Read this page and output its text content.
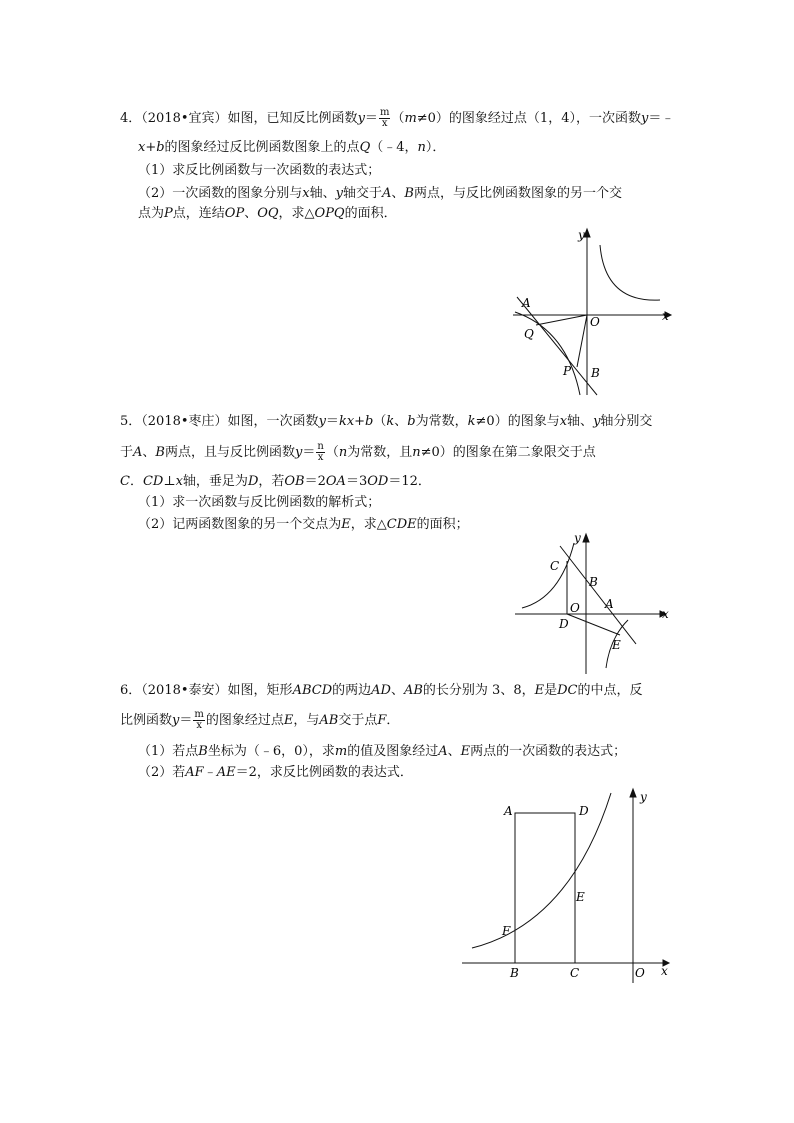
4．（2018•宜宾）如图，已知反比例函数$y= \frac{m}{x} (m\ne 0)$的图象经过点（1，4），一次函数y＝﹣
x+b的图象经过反比例函数图象上的点Q（﹣4，n）．
（1）求反比例函数与一次函数的表达式；
（2）一次函数的图象分别与x轴、y轴交于A、B两点，与反比例函数图象的另一个交
点为P点，连结OP、OQ，求△OPQ的面积．
y
x
A
Q
O
P B
5．（2018•枣庄）如图，一次函数y＝kx+b（k、b为常数，k≠0）的图象与x轴、y轴分别交
于A、B两点，且与反比例函数$y= \frac{n}{x} (n$为常数，且n≠0）的图象在第二象限交于点
C．CD⊥x轴，垂足为D，若OB＝2OA＝3OD＝12．
（1）求一次函数与反比例函数的解析式；
（2）记两函数图象的另一个交点为E，求△CDE的面积；
y
x
C
B
A
O
D
E
6．（2018•泰安）如图，矩形ABCD的两边AD、AB的长分别为 3、8，E是DC的中点，反
比例函数$y= \frac{m}{x}$ 的图象经过点E，与AB交于点F．
（1）若点B坐标为（﹣6，0），求m的值及图象经过A、E两点的一次函数的表达式；
（2）若AF﹣AE＝2，求反比例函数的表达式．
y
x
A	D
E
F
B	C	O
